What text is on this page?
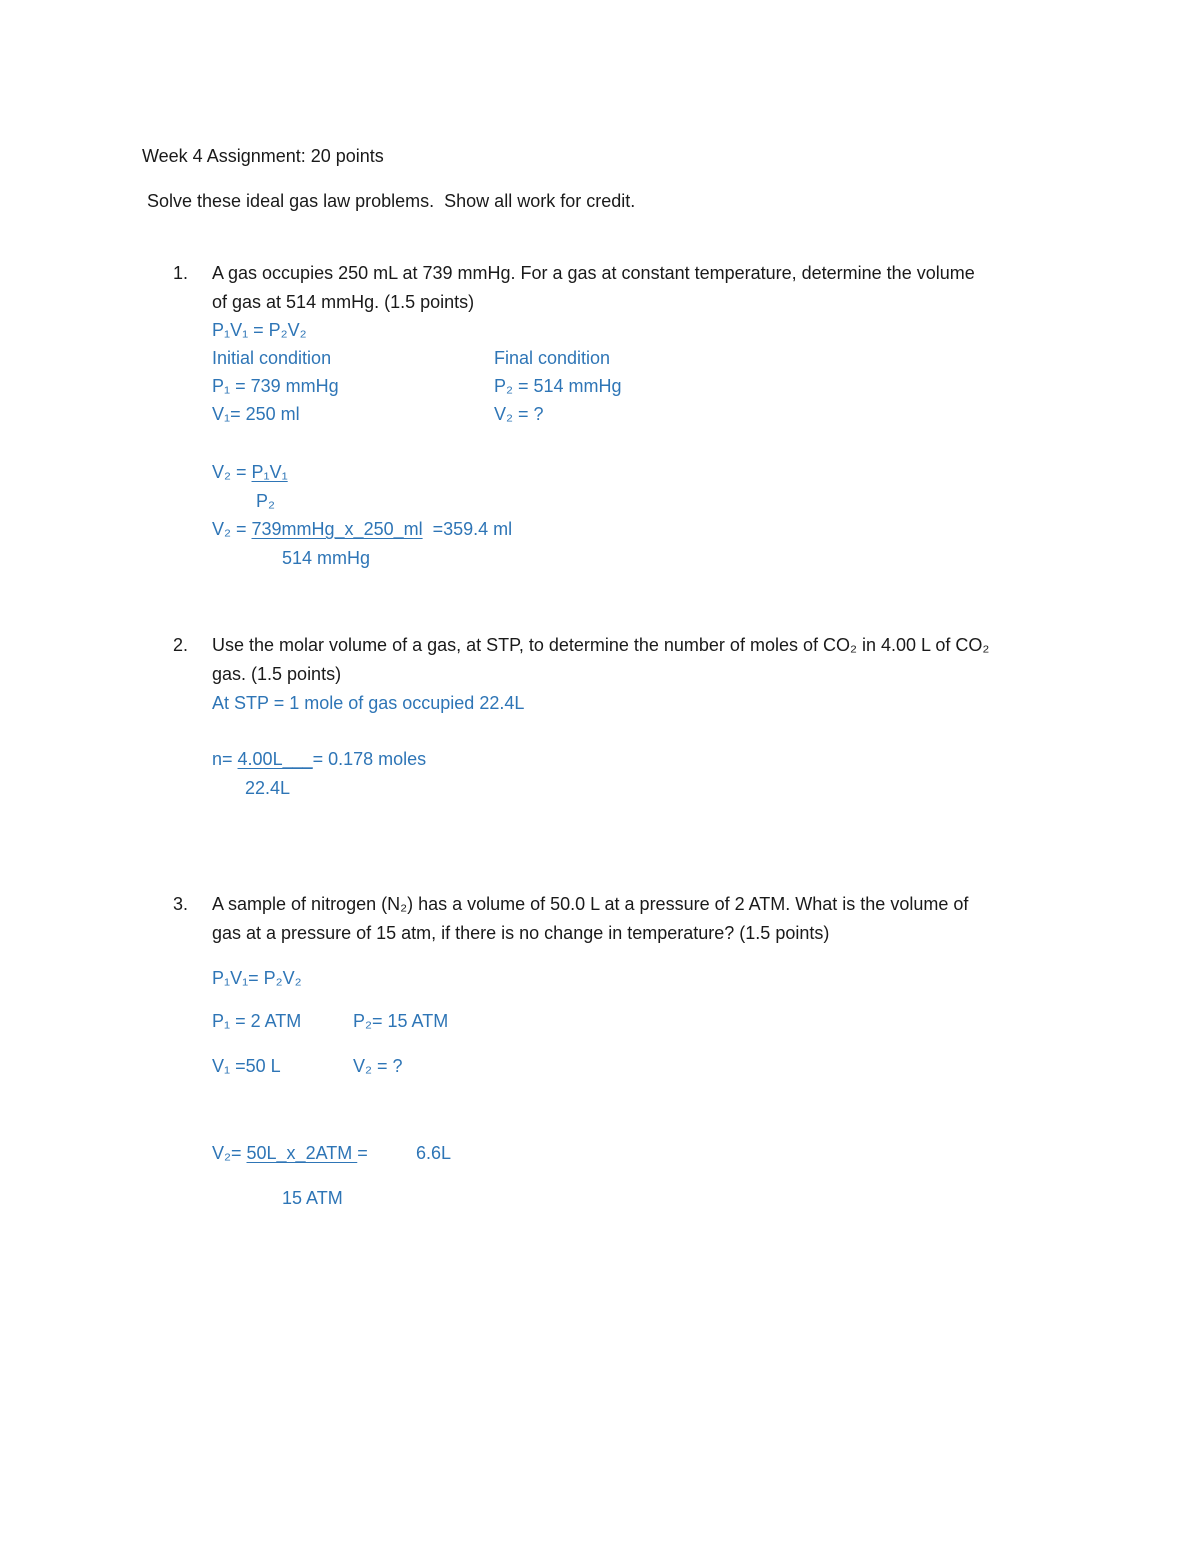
Week 4 Assignment: 20 points
Solve these ideal gas law problems.  Show all work for credit.
1. A gas occupies 250 mL at 739 mmHg. For a gas at constant temperature, determine the volume
of gas at 514 mmHg. (1.5 points)
P₁V₁ = P₂V₂
Initial condition	Final condition
P₁ = 739 mmHg	P₂ = 514 mmHg
V₁= 250 ml	V₂ = ?
V₂ = P₁V₁
P₂
V₂ = 739mmHg_x_250_ml  =359.4 ml
514 mmHg
2. Use the molar volume of a gas, at STP, to determine the number of moles of CO₂ in 4.00 L of CO₂
gas. (1.5 points)
At STP = 1 mole of gas occupied 22.4L
n= 4.00L___= 0.178 moles
22.4L
3. A sample of nitrogen (N₂) has a volume of 50.0 L at a pressure of 2 ATM. What is the volume of
gas at a pressure of 15 atm, if there is no change in temperature? (1.5 points)
P₁V₁= P₂V₂
P₁ = 2 ATM	P₂= 15 ATM
V₁ =50 L	V₂ = ?
V₂= 50L_x_2ATM =	6.6L
15 ATM
